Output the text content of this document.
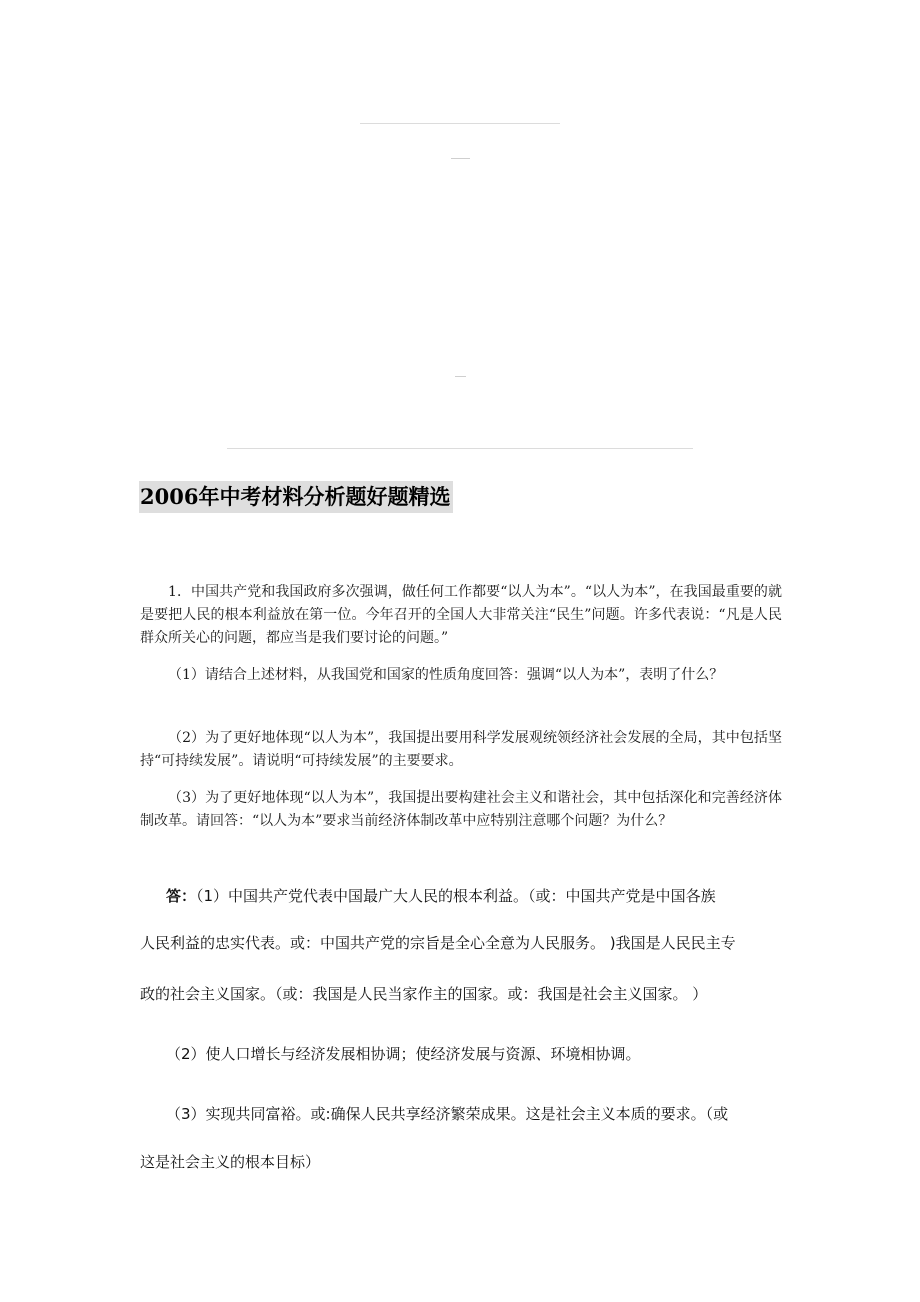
2006年中考材料分析题好题精选

1．中国共产党和我国政府多次强调，做任何工作都要“以人为本”。“以人为本”，在我国最重要的就是要把人民的根本利益放在第一位。今年召开的全国人大非常关注“民生”问题。许多代表说：“凡是人民群众所关心的问题，都应当是我们要讨论的问题。”

（1）请结合上述材料，从我国党和国家的性质角度回答：强调“以人为本”，表明了什么？

（2）为了更好地体现“以人为本”，我国提出要用科学发展观统领经济社会发展的全局，其中包括坚持“可持续发展”。请说明“可持续发展”的主要要求。

（3）为了更好地体现“以人为本”，我国提出要构建社会主义和谐社会，其中包括深化和完善经济体制改革。请回答：“以人为本”要求当前经济体制改革中应特别注意哪个问题？为什么？

答：（1）中国共产党代表中国最广大人民的根本利益。（或：中国共产党是中国各族
人民利益的忠实代表。或：中国共产党的宗旨是全心全意为人民服务。 )我国是人民民主专
政的社会主义国家。（或：我国是人民当家作主的国家。或：我国是社会主义国家。 ）
（2）使人口增长与经济发展相协调；使经济发展与资源、环境相协调。
（3）实现共同富裕。或:确保人民共享经济繁荣成果。这是社会主义本质的要求。（或
这是社会主义的根本目标）
